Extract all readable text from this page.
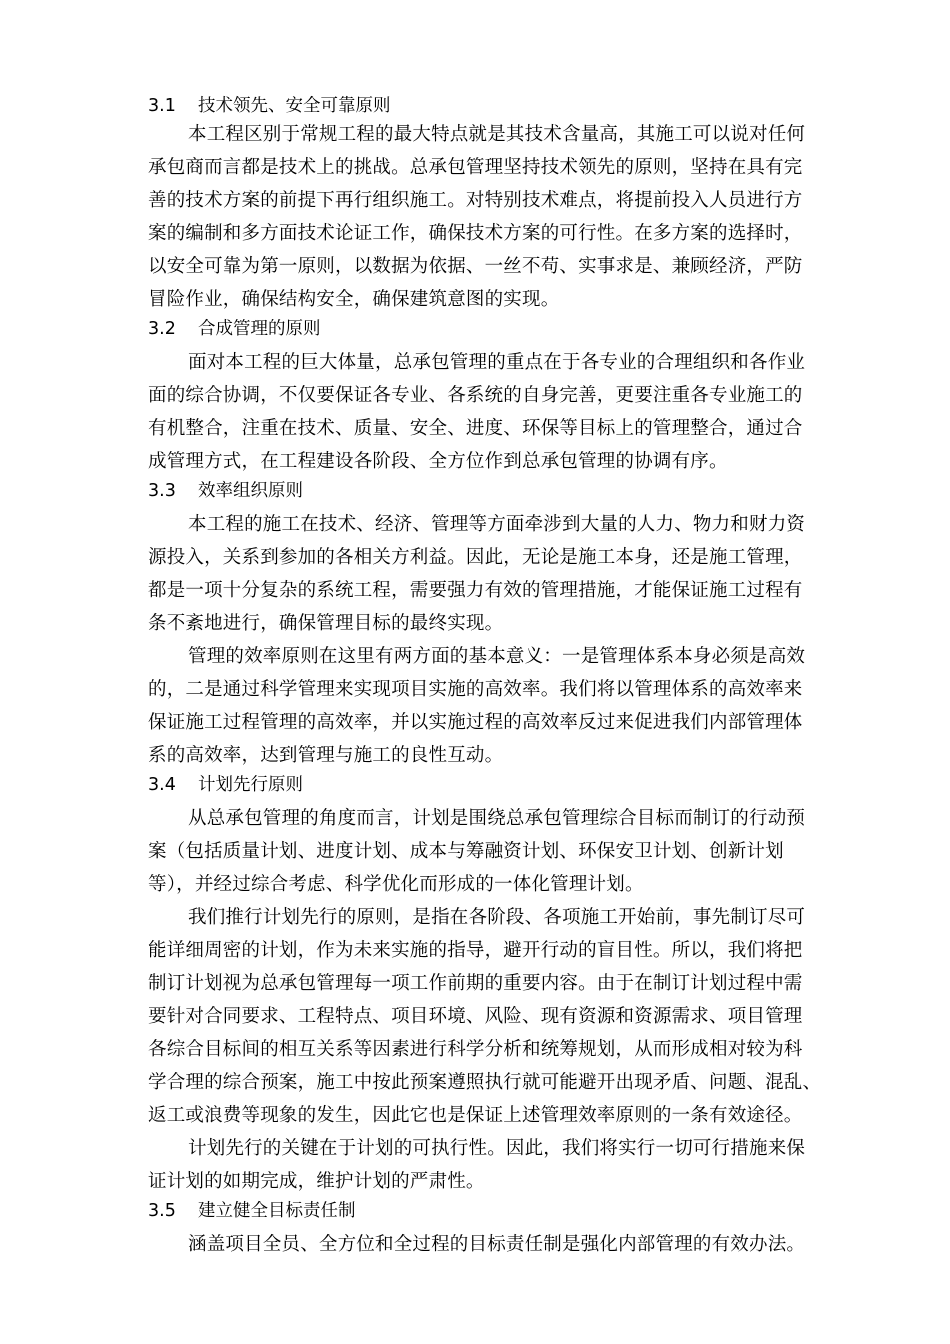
3.1 技术领先、安全可靠原则
本工程区别于常规工程的最大特点就是其技术含量高，其施工可以说对任何
承包商而言都是技术上的挑战。总承包管理坚持技术领先的原则，坚持在具有完
善的技术方案的前提下再行组织施工。对特别技术难点，将提前投入人员进行方
案的编制和多方面技术论证工作，确保技术方案的可行性。在多方案的选择时，
以安全可靠为第一原则，以数据为依据、一丝不苟、实事求是、兼顾经济，严防
冒险作业，确保结构安全，确保建筑意图的实现。
3.2 合成管理的原则
面对本工程的巨大体量，总承包管理的重点在于各专业的合理组织和各作业
面的综合协调，不仅要保证各专业、各系统的自身完善，更要注重各专业施工的
有机整合，注重在技术、质量、安全、进度、环保等目标上的管理整合，通过合
成管理方式，在工程建设各阶段、全方位作到总承包管理的协调有序。
3.3 效率组织原则
本工程的施工在技术、经济、管理等方面牵涉到大量的人力、物力和财力资
源投入，关系到参加的各相关方利益。因此，无论是施工本身，还是施工管理，
都是一项十分复杂的系统工程，需要强力有效的管理措施，才能保证施工过程有
条不紊地进行，确保管理目标的最终实现。
管理的效率原则在这里有两方面的基本意义：一是管理体系本身必须是高效
的，二是通过科学管理来实现项目实施的高效率。我们将以管理体系的高效率来
保证施工过程管理的高效率，并以实施过程的高效率反过来促进我们内部管理体
系的高效率，达到管理与施工的良性互动。
3.4 计划先行原则
从总承包管理的角度而言，计划是围绕总承包管理综合目标而制订的行动预
案（包括质量计划、进度计划、成本与筹融资计划、环保安卫计划、创新计划
等），并经过综合考虑、科学优化而形成的一体化管理计划。
我们推行计划先行的原则，是指在各阶段、各项施工开始前，事先制订尽可
能详细周密的计划，作为未来实施的指导，避开行动的盲目性。所以，我们将把
制订计划视为总承包管理每一项工作前期的重要内容。由于在制订计划过程中需
要针对合同要求、工程特点、项目环境、风险、现有资源和资源需求、项目管理
各综合目标间的相互关系等因素进行科学分析和统筹规划，从而形成相对较为科
学合理的综合预案，施工中按此预案遵照执行就可能避开出现矛盾、问题、混乱、
返工或浪费等现象的发生，因此它也是保证上述管理效率原则的一条有效途径。
计划先行的关键在于计划的可执行性。因此，我们将实行一切可行措施来保
证计划的如期完成，维护计划的严肃性。
3.5 建立健全目标责任制
涵盖项目全员、全方位和全过程的目标责任制是强化内部管理的有效办法。
